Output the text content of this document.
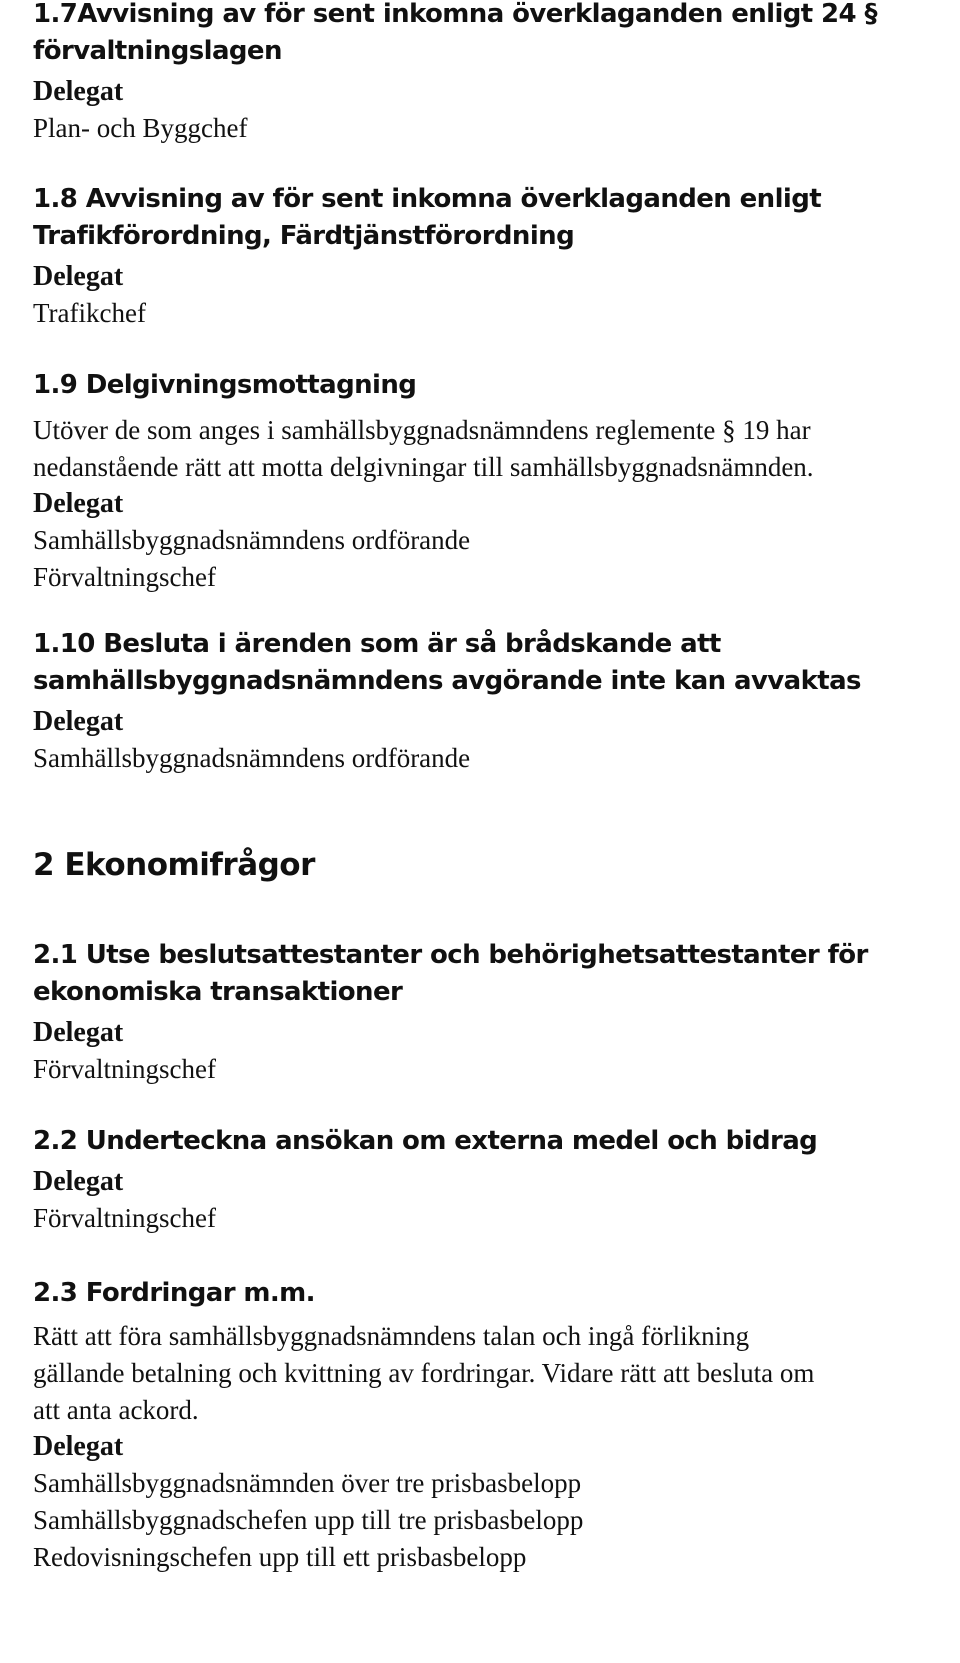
1.7Avvisning av för sent inkomna överklaganden enligt 24 §
förvaltningslagen
Delegat
Plan- och Byggchef
1.8 Avvisning av för sent inkomna överklaganden enligt
Trafikförordning, Färdtjänstförordning
Delegat
Trafikchef
1.9 Delgivningsmottagning
Utöver de som anges i samhällsbyggnadsnämndens reglemente § 19 har
nedanstående rätt att motta delgivningar till samhällsbyggnadsnämnden.
Delegat
Samhällsbyggnadsnämndens ordförande
Förvaltningschef
1.10 Besluta i ärenden som är så brådskande att
samhällsbyggnadsnämndens avgörande inte kan avvaktas
Delegat
Samhällsbyggnadsnämndens ordförande
2 Ekonomifrågor
2.1 Utse beslutsattestanter och behörighetsattestanter för
ekonomiska transaktioner
Delegat
Förvaltningschef
2.2 Underteckna ansökan om externa medel och bidrag
Delegat
Förvaltningschef
2.3 Fordringar m.m.
Rätt att föra samhällsbyggnadsnämndens talan och ingå förlikning
gällande betalning och kvittning av fordringar. Vidare rätt att besluta om
att anta ackord.
Delegat
Samhällsbyggnadsnämnden över tre prisbasbelopp
Samhällsbyggnadschefen upp till tre prisbasbelopp
Redovisningschefen upp till ett prisbasbelopp
